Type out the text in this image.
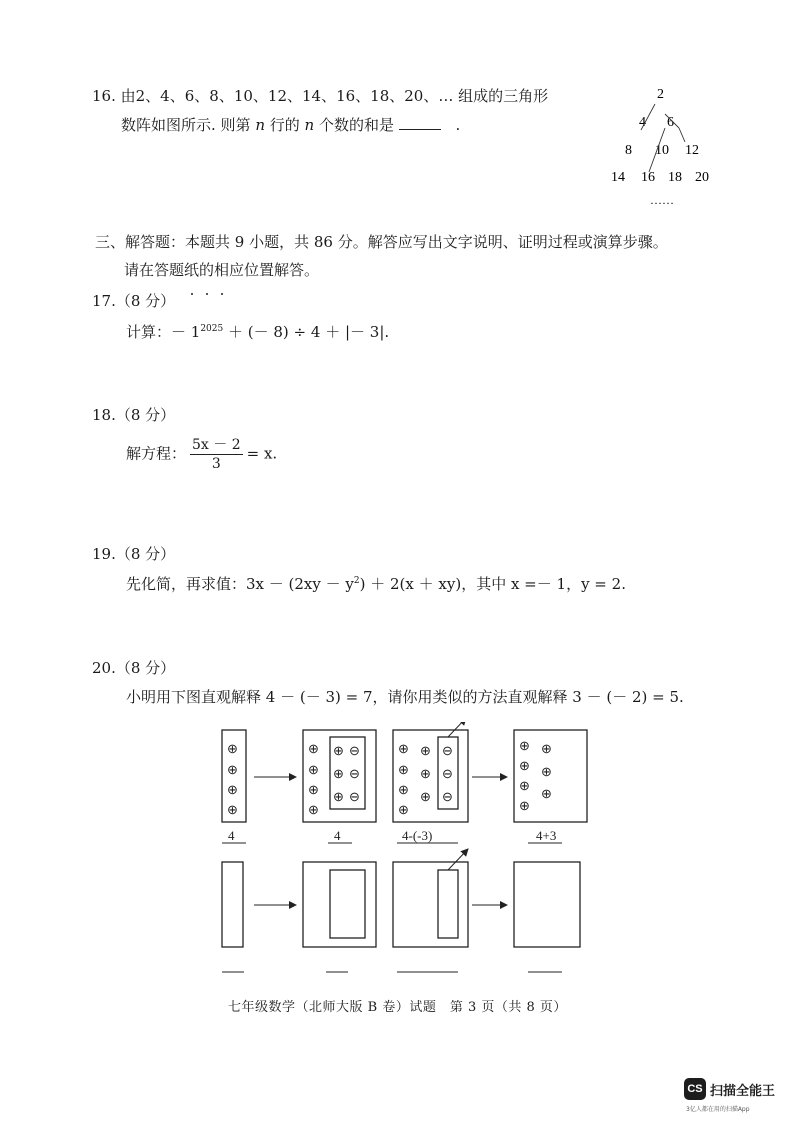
16. 由2、4、6、8、10、12、14、16、18、20、… 组成的三角形
数阵如图所示. 则第 n 行的 n 个数的和是	.
2
4 6
8 10 12
14 16 18 20
……
三、解答题：本题共 9 小题，共 86 分。解答应写出文字说明、证明过程或演算步骤。
请在答题纸的相应位置解答。
17.（8 分）
计算：－ $1^{2025}$ ＋ (－ 8) ÷ 4 ＋ |－ 3|.
18.（8 分）
解方程： $\frac{5x - 2}{3} = x$.
19.（8 分）
先化简，再求值：$3x - (2xy - y^2) + 2(x + xy)$，其中 x =－ 1，y = 2.
20.（8 分）
小明用下图直观解释 4 － (－ 3) = 7，请你用类似的方法直观解释 3 － (－ 2) = 5.
⊕
⊕
⊕
⊕
⊕
⊕
⊕
⊕
⊕ ⊖
⊕ ⊖
⊕ ⊖
⊕
⊕
⊕
⊕
⊕
⊕
⊕
⊖
⊖
⊖
⊕
⊕
⊕
⊕
⊕
⊕
⊕
4	4	4-(-3)	4+3
七年级数学（北师大版 B 卷）试题　第 3 页（共 8 页）
CS 扫描全能王
3亿人都在用的扫描App
